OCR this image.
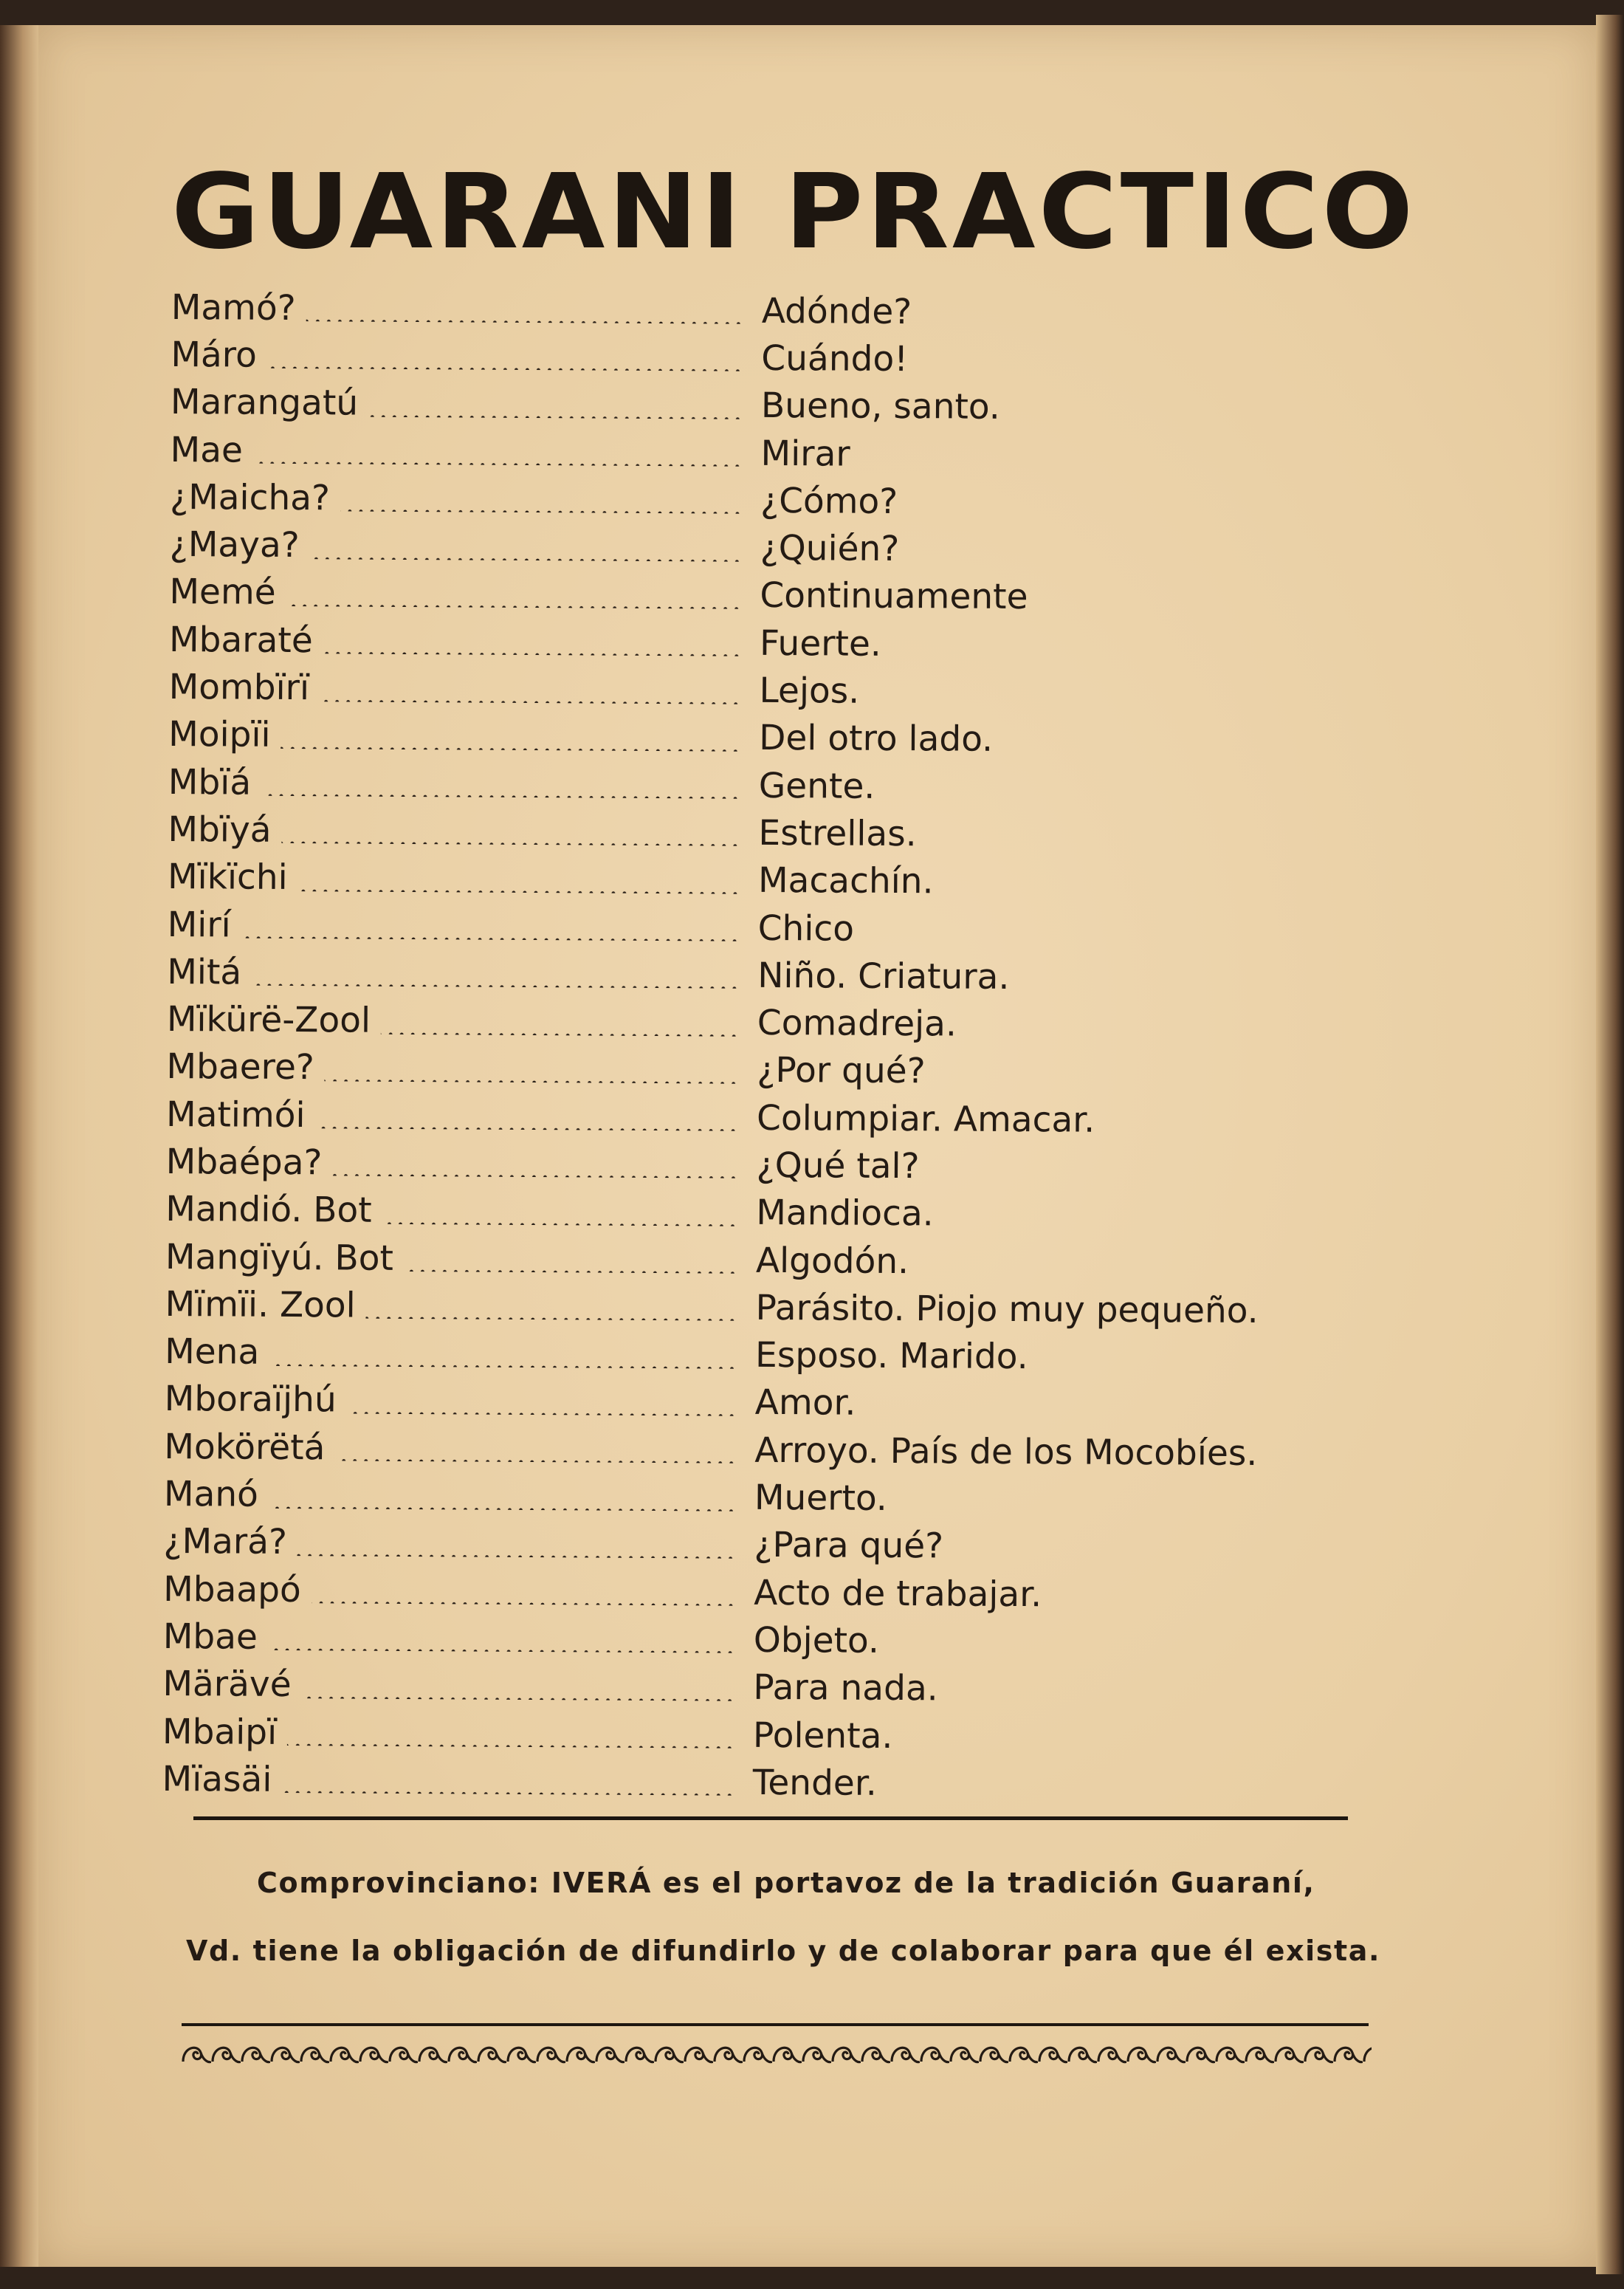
GUARANI PRACTICO
Mamó?	Adónde?
Máro	Cuándo!
Marangatú	Bueno, santo.
Mae	Mirar
¿Maicha?	¿Cómo?
¿Maya?	¿Quién?
Memé	Continuamente
Mbaraté	Fuerte.
Mombïrï	Lejos.
Moipïi	Del otro lado.
Mbïá	Gente.
Mbïyá	Estrellas.
Mïkïchi	Macachín.
Mirí	Chico
Mitá	Niño. Criatura.
Mïkürë-Zool	Comadreja.
Mbaere?	¿Por qué?
Matimói	Columpiar. Amacar.
Mbaépa?	¿Qué tal?
Mandió. Bot	Mandioca.
Mangïyú. Bot	Algodón.
Mïmïi. Zool	Parásito. Piojo muy pequeño.
Mena	Esposo. Marido.
Mboraïjhú	Amor.
Mokörëtá	Arroyo. País de los Mocobíes.
Manó	Muerto.
¿Mará?	¿Para qué?
Mbaapó	Acto de trabajar.
Mbae	Objeto.
Märävé	Para nada.
Mbaipï	Polenta.
Mïasäi	Tender.

Comprovinciano: IVERÁ es el portavoz de la tradición Guaraní,

Vd. tiene la obligación de difundirlo y de colaborar para que él exista.
